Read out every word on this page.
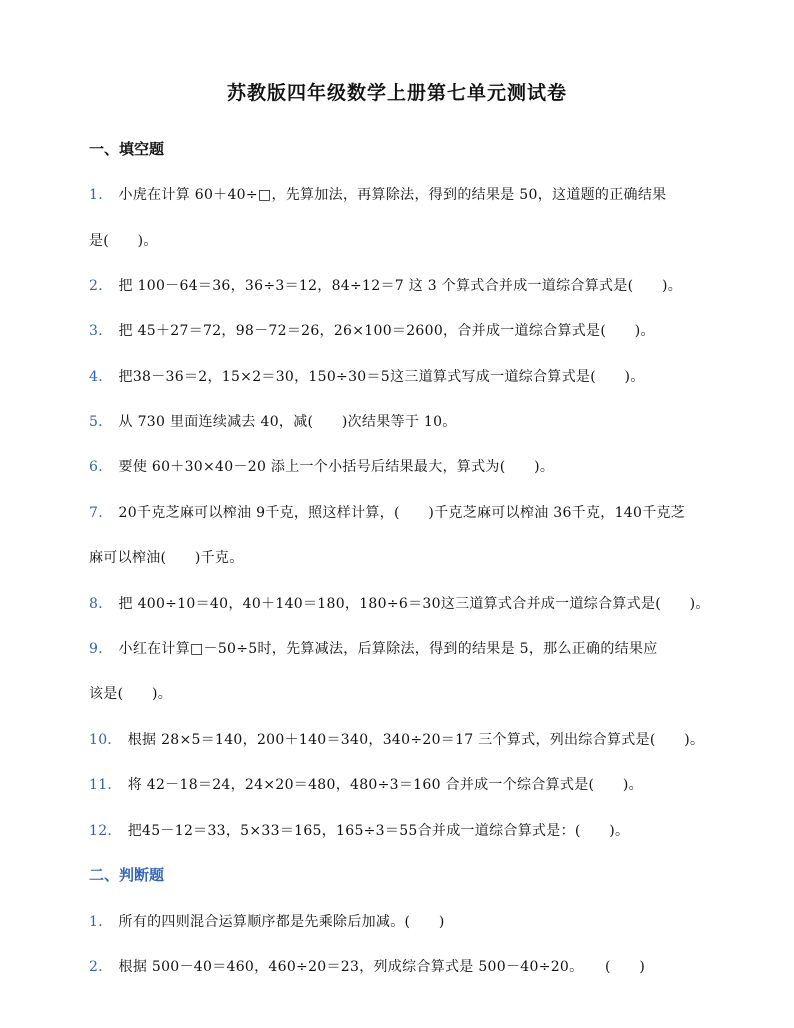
苏教版四年级数学上册第七单元测试卷
一、填空题
1． 小虎在计算 60＋40÷□，先算加法，再算除法，得到的结果是 50，这道题的正确结果
是(　　)。
2． 把 100－64＝36，36÷3＝12，84÷12＝7 这 3 个算式合并成一道综合算式是(　　)。
3． 把 45＋27＝72，98－72＝26，26×100＝2600，合并成一道综合算式是(　　)。
4． 把38－36＝2，15×2＝30，150÷30＝5这三道算式写成一道综合算式是(　　)。
5． 从 730 里面连续减去 40，减(　　)次结果等于 10。
6． 要使 60＋30×40－20 添上一个小括号后结果最大，算式为(　　)。
7． 20千克芝麻可以榨油 9千克，照这样计算，(　　)千克芝麻可以榨油 36千克，140千克芝
麻可以榨油(　　)千克。
8． 把 400÷10＝40，40＋140＝180，180÷6＝30这三道算式合并成一道综合算式是(　　)。
9． 小红在计算□－50÷5时，先算减法，后算除法，得到的结果是 5，那么正确的结果应
该是(　　)。
10． 根据 28×5＝140，200＋140＝340，340÷20＝17 三个算式，列出综合算式是(　　)。
11． 将 42－18＝24，24×20＝480，480÷3＝160 合并成一个综合算式是(　　)。
12． 把45－12＝33，5×33＝165，165÷3＝55合并成一道综合算式是：(　　)。
二、判断题
1． 所有的四则混合运算顺序都是先乘除后加减。(　　)
2． 根据 500－40＝460，460÷20＝23，列成综合算式是 500－40÷20。　　(　　)
